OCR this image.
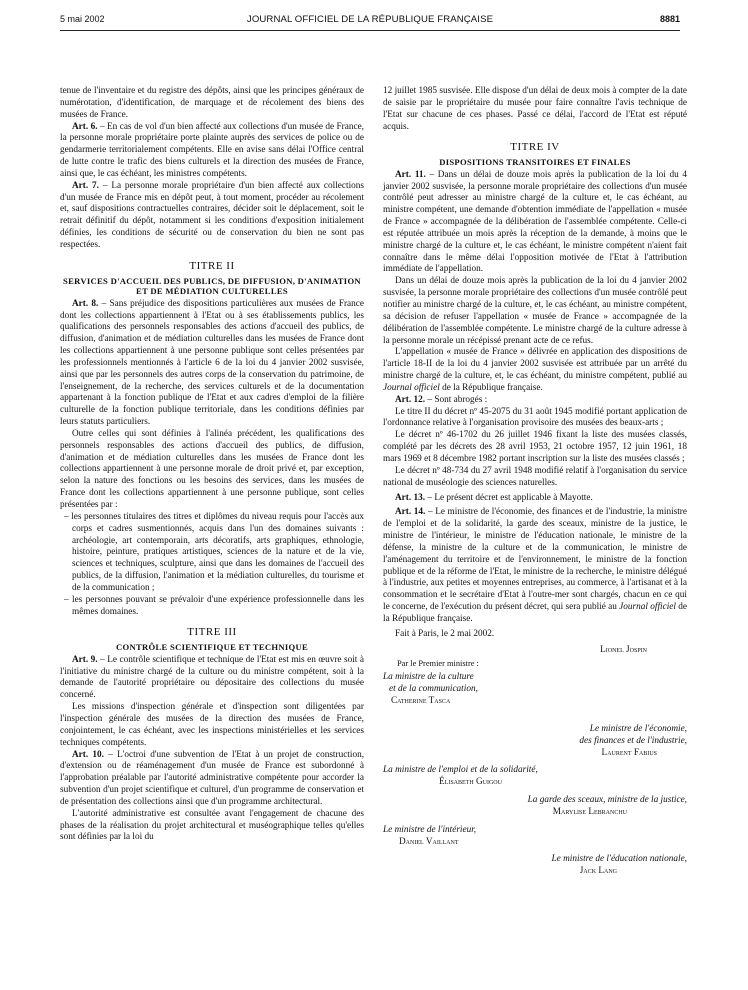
5 mai 2002	JOURNAL OFFICIEL DE LA RÉPUBLIQUE FRANÇAISE	8881

tenue de l'inventaire et du registre des dépôts, ainsi que les principes généraux de numérotation, d'identification, de marquage et de récolement des biens des musées de France.

Art. 6. – En cas de vol d'un bien affecté aux collections d'un musée de France, la personne morale propriétaire porte plainte auprès des services de police ou de gendarmerie territorialement compétents. Elle en avise sans délai l'Office central de lutte contre le trafic des biens culturels et la direction des musées de France, ainsi que, le cas échéant, les ministres compétents.

Art. 7. – La personne morale propriétaire d'un bien affecté aux collections d'un musée de France mis en dépôt peut, à tout moment, procéder au récolement et, sauf dispositions contractuelles contraires, décider soit le déplacement, soit le retrait définitif du dépôt, notamment si les conditions d'exposition initialement définies, les conditions de sécurité ou de conservation du bien ne sont pas respectées.

TITRE II
SERVICES D'ACCUEIL DES PUBLICS, DE DIFFUSION, D'ANIMATION ET DE MÉDIATION CULTURELLES

Art. 8. – Sans préjudice des dispositions particulières aux musées de France dont les collections appartiennent à l'Etat ou à ses établissements publics, les qualifications des personnels responsables des actions d'accueil des publics, de diffusion, d'animation et de médiation culturelles dans les musées de France dont les collections appartiennent à une personne publique sont celles présentées par les professionnels mentionnés à l'article 6 de la loi du 4 janvier 2002 susvisée, ainsi que par les personnels des autres corps de la conservation du patrimoine, de l'enseignement, de la recherche, des services culturels et de la documentation appartenant à la fonction publique de l'Etat et aux cadres d'emploi de la filière culturelle de la fonction publique territoriale, dans les conditions définies par leurs statuts particuliers.

Outre celles qui sont définies à l'alinéa précédent, les qualifications des personnels responsables des actions d'accueil des publics, de diffusion, d'animation et de médiation culturelles dans les musées de France dont les collections appartiennent à une personne morale de droit privé et, par exception, selon la nature des fonctions ou les besoins des services, dans les musées de France dont les collections appartiennent à une personne publique, sont celles présentées par :

– les personnes titulaires des titres et diplômes du niveau requis pour l'accès aux corps et cadres susmentionnés, acquis dans l'un des domaines suivants : archéologie, art contemporain, arts décoratifs, arts graphiques, ethnologie, histoire, peinture, pratiques artistiques, sciences de la nature et de la vie, sciences et techniques, sculpture, ainsi que dans les domaines de l'accueil des publics, de la diffusion, l'animation et la médiation culturelles, du tourisme et de la communication ;

– les personnes pouvant se prévaloir d'une expérience professionnelle dans les mêmes domaines.

TITRE III
CONTRÔLE SCIENTIFIQUE ET TECHNIQUE

Art. 9. – Le contrôle scientifique et technique de l'Etat est mis en œuvre soit à l'initiative du ministre chargé de la culture ou du ministre compétent, soit à la demande de l'autorité propriétaire ou dépositaire des collections du musée concerné.

Les missions d'inspection générale et d'inspection sont diligentées par l'inspection générale des musées de la direction des musées de France, conjointement, le cas échéant, avec les inspections ministérielles et les services techniques compétents.

Art. 10. – L'octroi d'une subvention de l'Etat à un projet de construction, d'extension ou de réaménagement d'un musée de France est subordonné à l'approbation préalable par l'autorité administrative compétente pour accorder la subvention d'un projet scientifique et culturel, d'un programme de conservation et de présentation des collections ainsi que d'un programme architectural.

L'autorité administrative est consultée avant l'engagement de chacune des phases de la réalisation du projet architectural et muséographique telles qu'elles sont définies par la loi du

12 juillet 1985 susvisée. Elle dispose d'un délai de deux mois à compter de la date de saisie par le propriétaire du musée pour faire connaître l'avis technique de l'Etat sur chacune de ces phases. Passé ce délai, l'accord de l'Etat est réputé acquis.

TITRE IV
DISPOSITIONS TRANSITOIRES ET FINALES

Art. 11. – Dans un délai de douze mois après la publication de la loi du 4 janvier 2002 susvisée, la personne morale propriétaire des collections d'un musée contrôlé peut adresser au ministre chargé de la culture et, le cas échéant, au ministre compétent, une demande d'obtention immédiate de l'appellation « musée de France » accompagnée de la délibération de l'assemblée compétente. Celle-ci est réputée attribuée un mois après la réception de la demande, à moins que le ministre chargé de la culture et, le cas échéant, le ministre compétent n'aient fait connaître dans le même délai l'opposition motivée de l'Etat à l'attribution immédiate de l'appellation.

Dans un délai de douze mois après la publication de la loi du 4 janvier 2002 susvisée, la personne morale propriétaire des collections d'un musée contrôlé peut notifier au ministre chargé de la culture, et, le cas échéant, au ministre compétent, sa décision de refuser l'appellation « musée de France » accompagnée de la délibération de l'assemblée compétente. Le ministre chargé de la culture adresse à la personne morale un récépissé prenant acte de ce refus.

L'appellation « musée de France » délivrée en application des dispositions de l'article 18-II de la loi du 4 janvier 2002 susvisée est attribuée par un arrêté du ministre chargé de la culture, et, le cas échéant, du ministre compétent, publié au Journal officiel de la République française.

Art. 12. – Sont abrogés :

Le titre II du décret nº 45-2075 du 31 août 1945 modifié portant application de l'ordonnance relative à l'organisation provisoire des musées des beaux-arts ;

Le décret nº 46-1702 du 26 juillet 1946 fixant la liste des musées classés, complété par les décrets des 28 avril 1953, 21 octobre 1957, 12 juin 1961, 18 mars 1969 et 8 décembre 1982 portant inscription sur la liste des musées classés ;

Le décret nº 48-734 du 27 avril 1948 modifié relatif à l'organisation du service national de muséologie des sciences naturelles.

Art. 13. – Le présent décret est applicable à Mayotte.

Art. 14. – Le ministre de l'économie, des finances et de l'industrie, la ministre de l'emploi et de la solidarité, la garde des sceaux, ministre de la justice, le ministre de l'intérieur, le ministre de l'éducation nationale, le ministre de la défense, la ministre de la culture et de la communication, le ministre de l'aménagement du territoire et de l'environnement, le ministre de la fonction publique et de la réforme de l'Etat, le ministre de la recherche, le ministre délégué à l'industrie, aux petites et moyennes entreprises, au commerce, à l'artisanat et à la consommation et le secrétaire d'Etat à l'outre-mer sont chargés, chacun en ce qui le concerne, de l'exécution du présent décret, qui sera publié au Journal officiel de la République française.

Fait à Paris, le 2 mai 2002.

Lionel Jospin
Par le Premier ministre :
La ministre de la culture
et de la communication,
Catherine Tasca
Le ministre de l'économie,
des finances et de l'industrie,
Laurent Fabius
La ministre de l'emploi et de la solidarité,
Élisabeth Guigou
La garde des sceaux, ministre de la justice,
Marylise Lebranchu
Le ministre de l'intérieur,
Daniel Vaillant
Le ministre de l'éducation nationale,
Jack Lang
